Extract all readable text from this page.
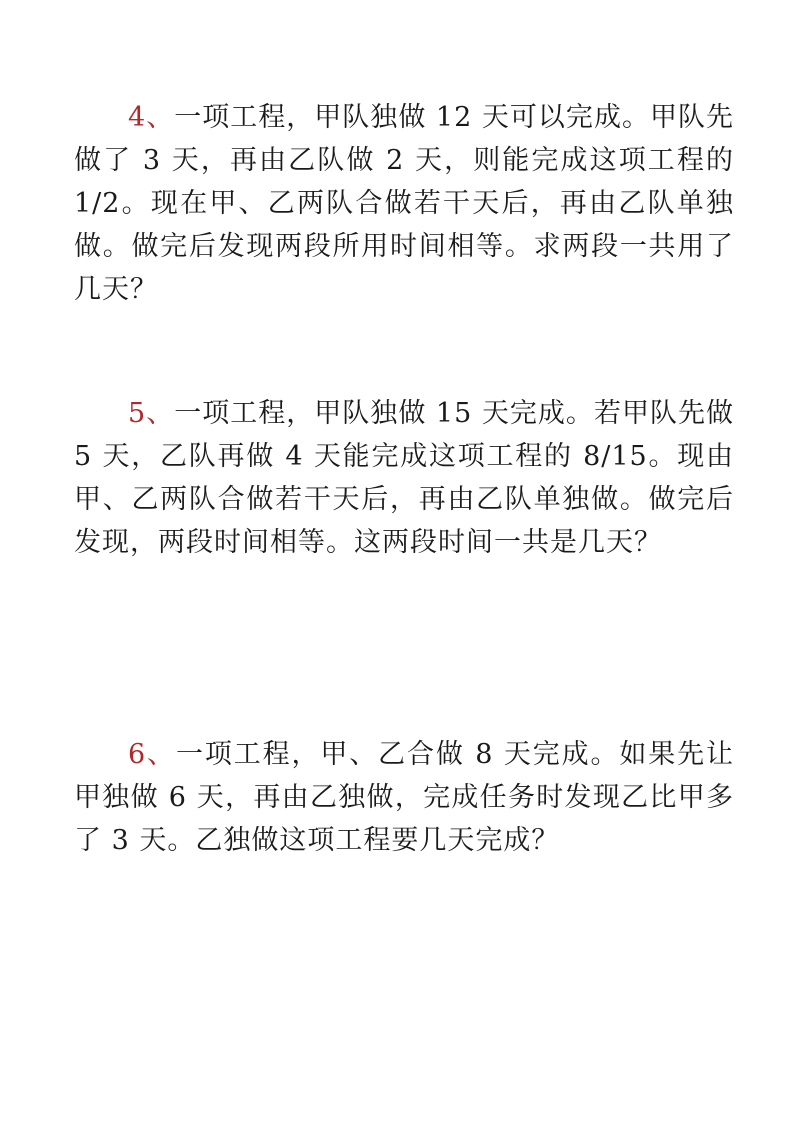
4、一项工程，甲队独做 12 天可以完成。甲队先做了 3 天，再由乙队做 2 天，则能完成这项工程的 1/2。现在甲、乙两队合做若干天后，再由乙队单独做。做完后发现两段所用时间相等。求两段一共用了几天？

5、一项工程，甲队独做 15 天完成。若甲队先做 5 天，乙队再做 4 天能完成这项工程的 8/15。现由甲、乙两队合做若干天后，再由乙队单独做。做完后发现，两段时间相等。这两段时间一共是几天？

6、一项工程，甲、乙合做 8 天完成。如果先让甲独做 6 天，再由乙独做，完成任务时发现乙比甲多了 3 天。乙独做这项工程要几天完成？
